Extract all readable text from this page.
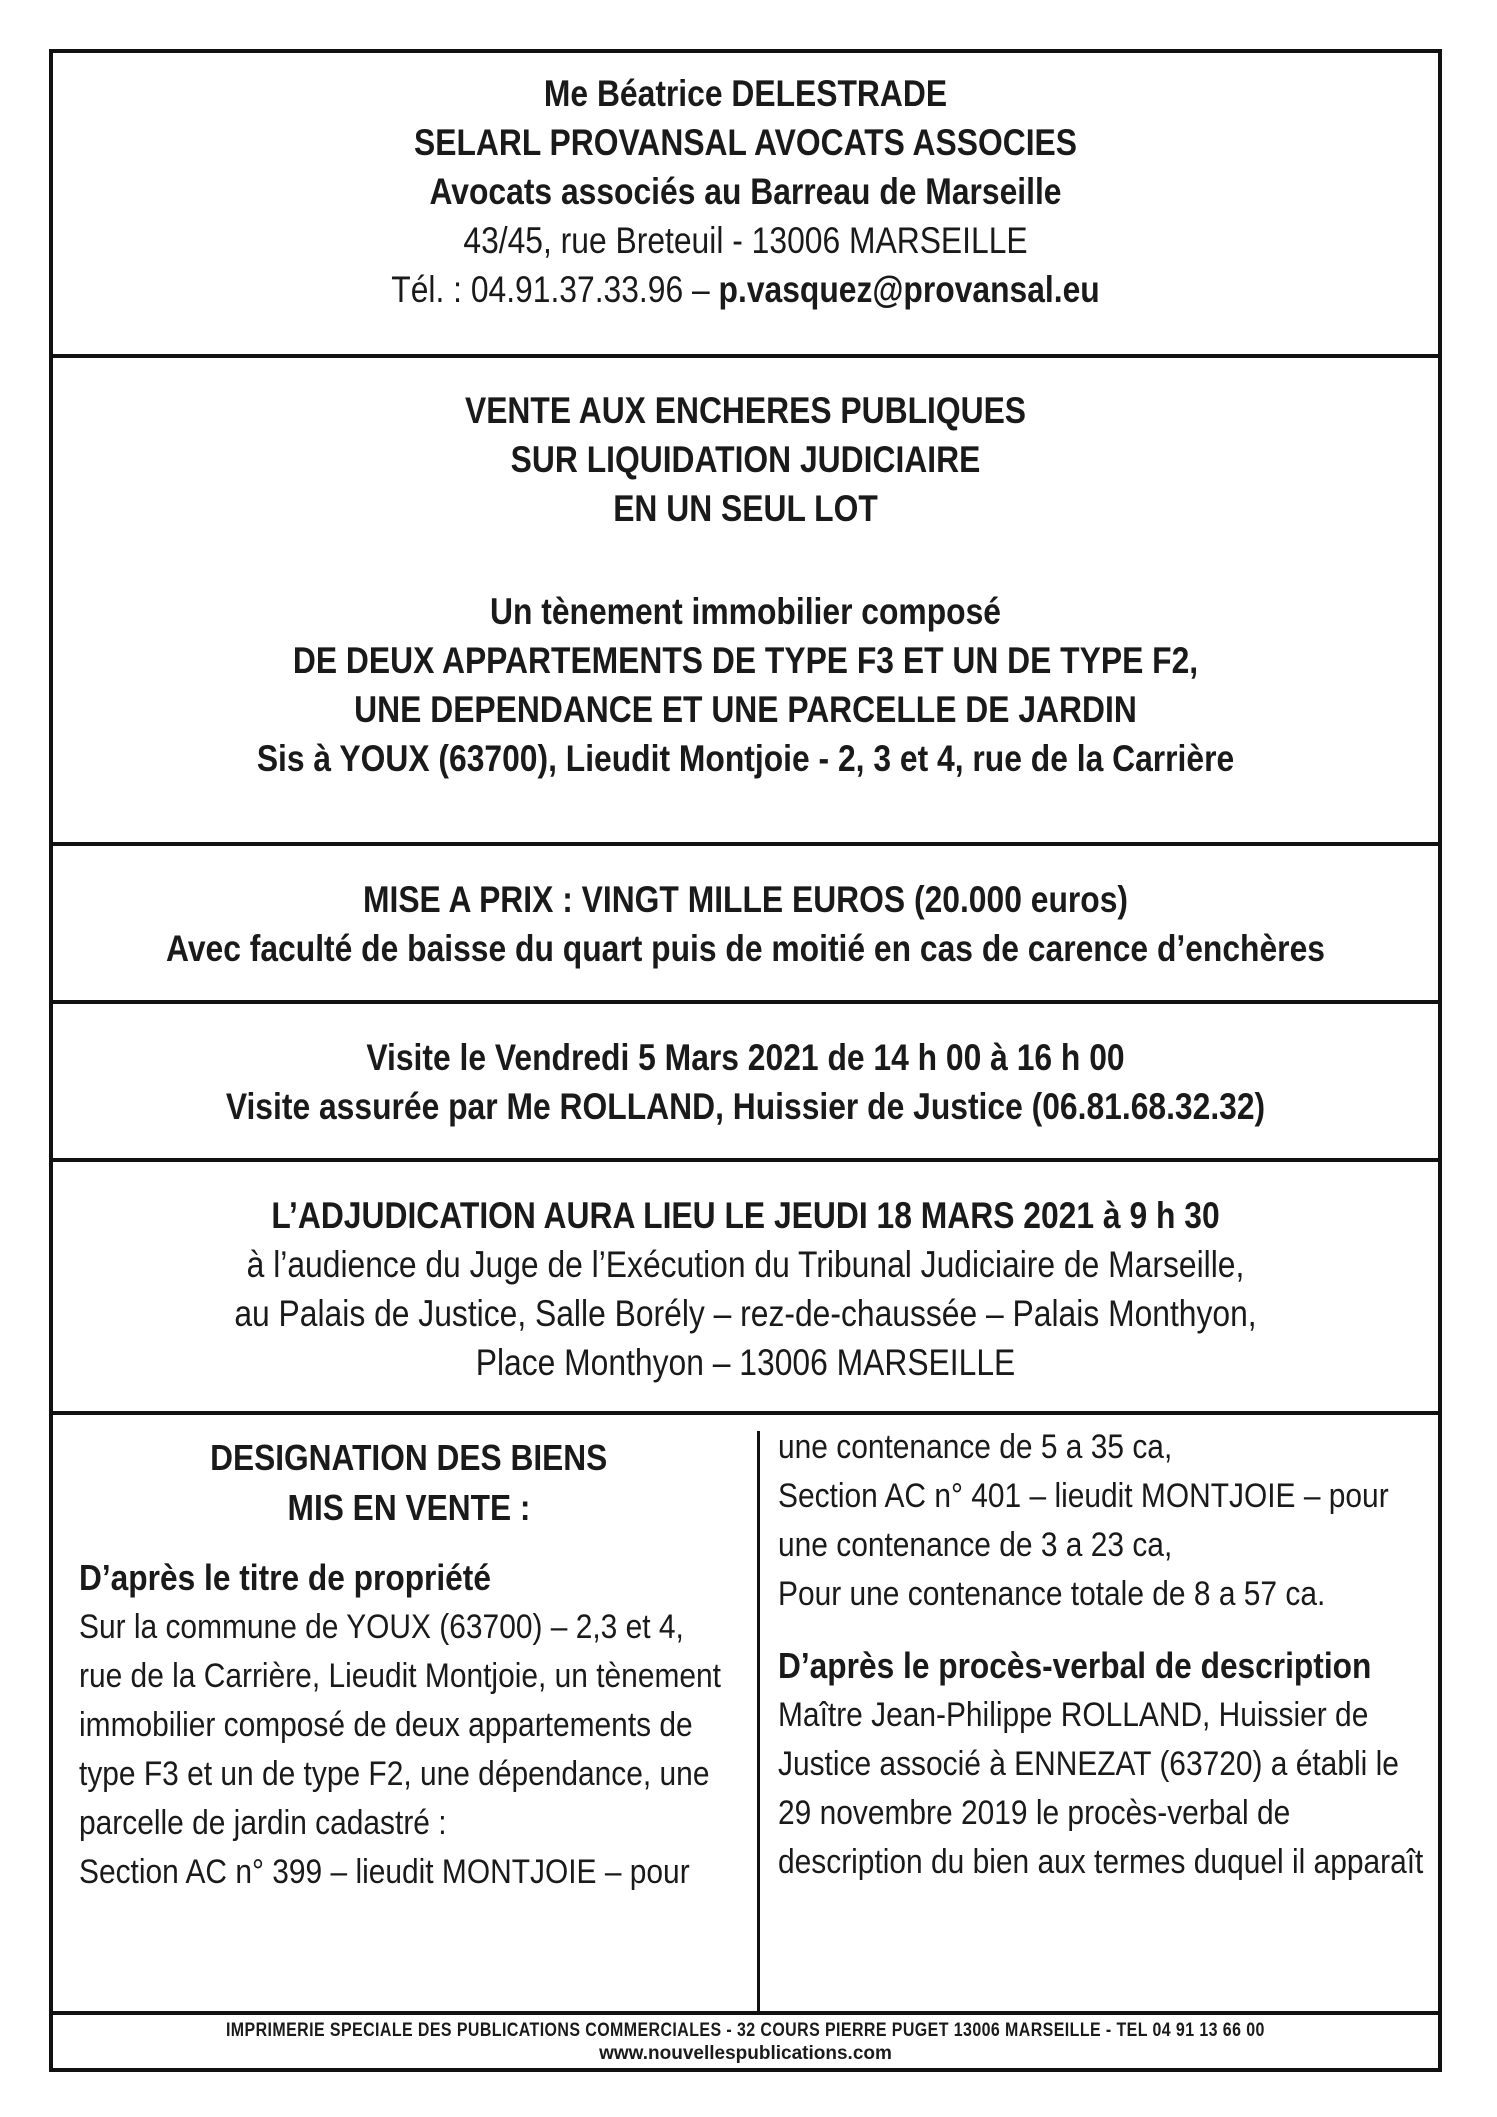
Me Béatrice DELESTRADE
SELARL PROVANSAL AVOCATS ASSOCIES
Avocats associés au Barreau de Marseille
43/45, rue Breteuil - 13006 MARSEILLE
Tél. : 04.91.37.33.96 – p.vasquez@provansal.eu
VENTE AUX ENCHERES PUBLIQUES
SUR LIQUIDATION JUDICIAIRE
EN UN SEUL LOT
Un tènement immobilier composé
DE DEUX APPARTEMENTS DE TYPE F3 ET UN DE TYPE F2,
UNE DEPENDANCE ET UNE PARCELLE DE JARDIN
Sis à YOUX (63700), Lieudit Montjoie - 2, 3 et 4, rue de la Carrière
MISE A PRIX : VINGT MILLE EUROS (20.000 euros)
Avec faculté de baisse du quart puis de moitié en cas de carence d’enchères
Visite le Vendredi 5 Mars 2021 de 14 h 00 à 16 h 00
Visite assurée par Me ROLLAND, Huissier de Justice (06.81.68.32.32)
L’ADJUDICATION AURA LIEU LE JEUDI 18 MARS 2021 à 9 h 30
à l’audience du Juge de l’Exécution du Tribunal Judiciaire de Marseille,
au Palais de Justice, Salle Borély – rez-de-chaussée – Palais Monthyon,
Place Monthyon – 13006 MARSEILLE
DESIGNATION DES BIENS
MIS EN VENTE :
D’après le titre de propriété

Sur la commune de YOUX (63700) – 2,3 et 4,
rue de la Carrière, Lieudit Montjoie, un tènement
immobilier composé de deux appartements de
type F3 et un de type F2, une dépendance, une
parcelle de jardin cadastré :
Section AC n° 399 – lieudit MONTJOIE – pour

une contenance de 5 a 35 ca,
Section AC n° 401 – lieudit MONTJOIE – pour
une contenance de 3 a 23 ca,
Pour une contenance totale de 8 a 57 ca.

D’après le procès-verbal de description

Maître Jean-Philippe ROLLAND, Huissier de
Justice associé à ENNEZAT (63720) a établi le
29 novembre 2019 le procès-verbal de
description du bien aux termes duquel il apparaît

IMPRIMERIE SPECIALE DES PUBLICATIONS COMMERCIALES - 32 COURS PIERRE PUGET 13006 MARSEILLE - TEL 04 91 13 66 00
www.nouvellespublications.com
